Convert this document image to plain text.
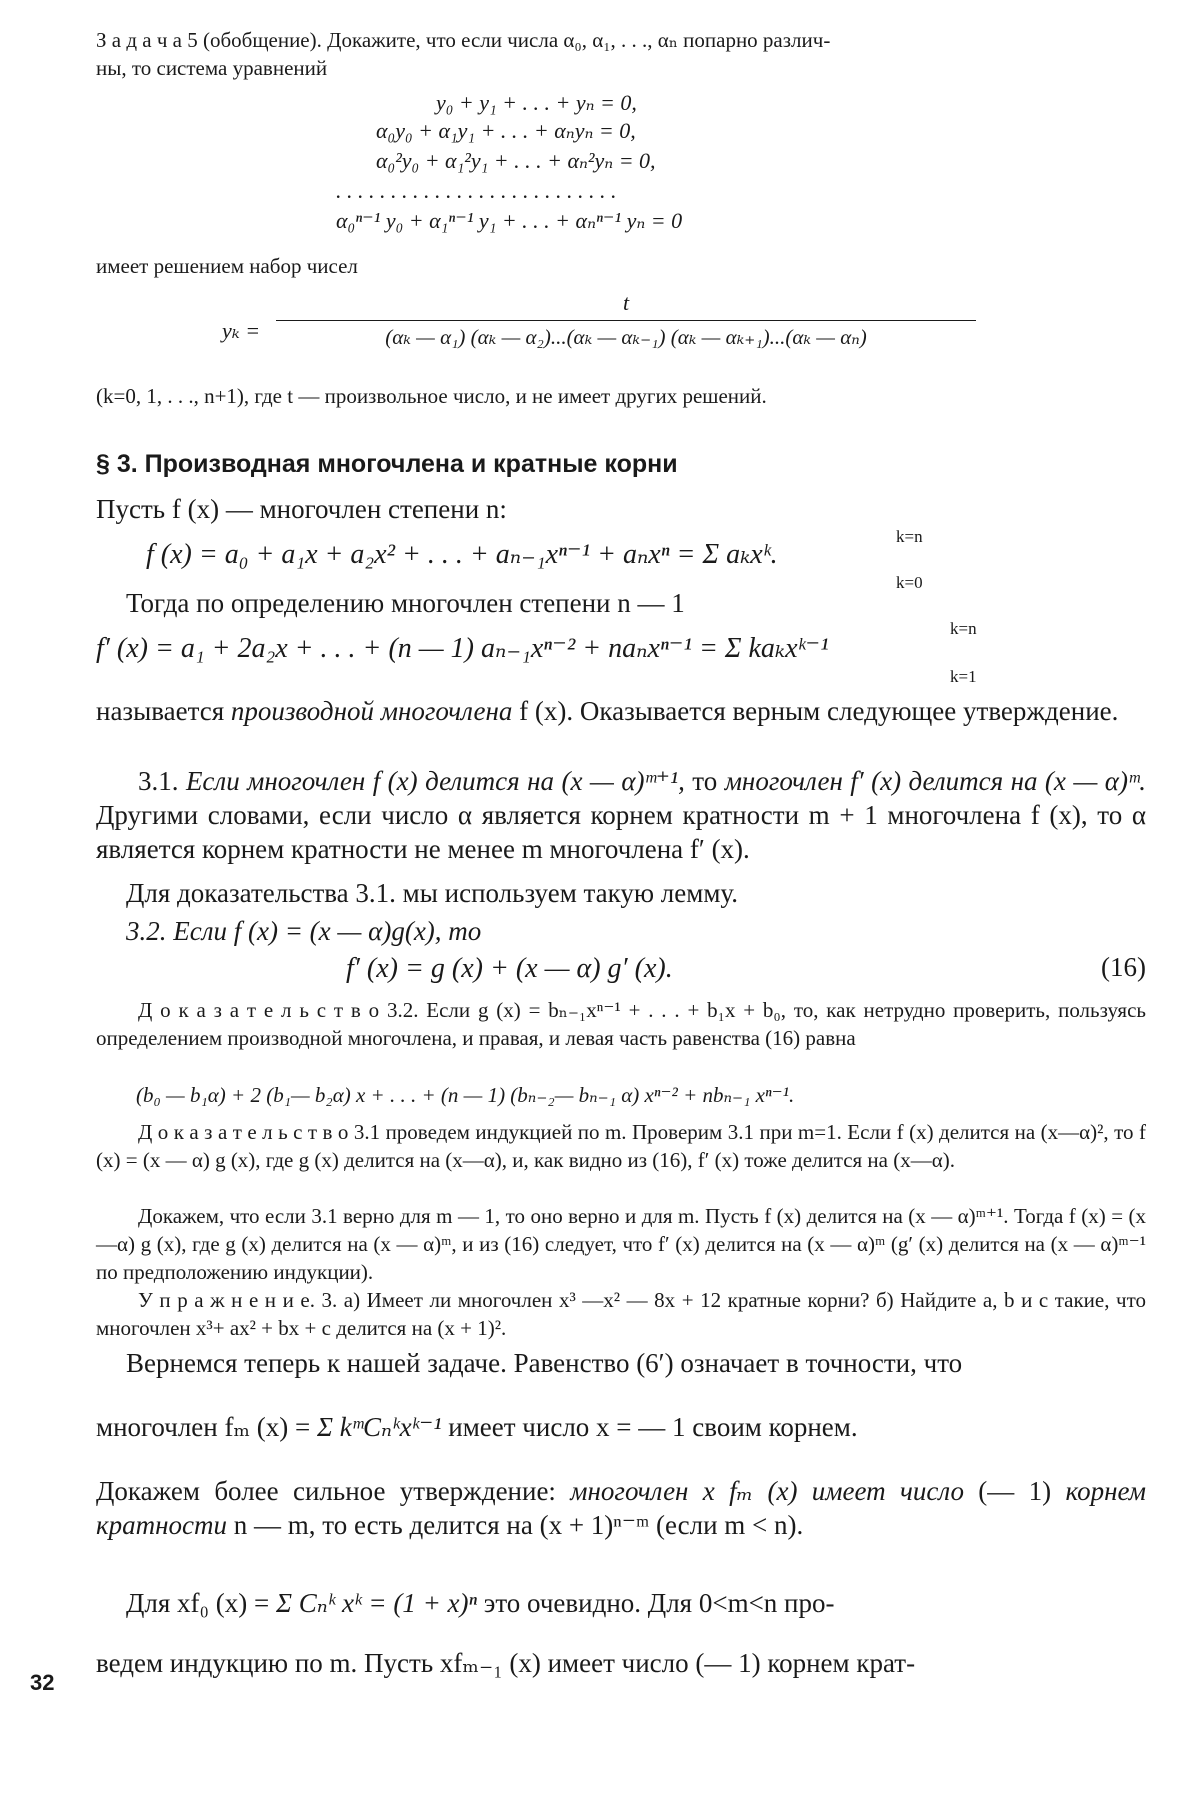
З а д а ч а 5 (обобщение). Докажите, что если числа α₀, α₁, . . ., αₙ попарно различ-

ны, то система уравнений

y₀ + y₁ + . . . + yₙ = 0,
α₀y₀ + α₁y₁ + . . . + αₙyₙ = 0,
α₀²y₀ + α₁²y₁ + . . . + αₙ²yₙ = 0,
. . . . . . . . . . . . . . . . . . . . . . . . . .
α₀ⁿ⁻¹ y₀ + α₁ⁿ⁻¹ y₁ + . . . + αₙⁿ⁻¹ yₙ = 0

имеет решением набор чисел

yₖ =
t
(αₖ — α₁) (αₖ — α₂)...(αₖ — αₖ₋₁) (αₖ — αₖ₊₁)...(αₖ — αₙ)

(k=0, 1, . . ., n+1), где t — произвольное число, и не имеет других решений.

§ 3. Производная многочлена и кратные корни

Пусть f (x) — многочлен степени n:

k=n
f (x) = a₀ + a₁x + a₂x² + . . . + aₙ₋₁xⁿ⁻¹ + aₙxⁿ = Σ aₖxᵏ.
k=0

Тогда по определению многочлен степени n — 1

k=n
f′ (x) = a₁ + 2a₂x + . . . + (n — 1) aₙ₋₁xⁿ⁻² + naₙxⁿ⁻¹ = Σ kaₖxᵏ⁻¹
k=1

называется производной многочлена f (x). Оказывается верным следующее утверждение.

3.1. Если многочлен f (x) делится на (x — α)ᵐ⁺¹, то многочлен f′ (x) делится на (x — α)ᵐ. Другими словами, если число α является корнем кратности m + 1 многочлена f (x), то α является корнем кратности не менее m многочлена f′ (x).

Для доказательства 3.1. мы используем такую лемму.

3.2. Если f (x) = (x — α)g(x), то

f′ (x) = g (x) + (x — α) g′ (x).	(16)

Д о к а з а т е л ь с т в о 3.2. Если g (x) = bₙ₋₁xⁿ⁻¹ + . . . + b₁x + b₀, то, как нетрудно проверить, пользуясь определением производной многочлена, и правая, и левая часть равенства (16) равна

(b₀ — b₁α) + 2 (b₁— b₂α) x + . . . + (n — 1) (bₙ₋₂— bₙ₋₁ α) xⁿ⁻² + nbₙ₋₁ xⁿ⁻¹.

Д о к а з а т е л ь с т в о 3.1 проведем индукцией по m. Проверим 3.1 при m=1. Если f (x) делится на (x—α)², то f (x) = (x — α) g (x), где g (x) делится на (x—α), и, как видно из (16), f′ (x) тоже делится на (x—α).

Докажем, что если 3.1 верно для m — 1, то оно верно и для m. Пусть f (x) делится на (x — α)ᵐ⁺¹. Тогда f (x) = (x—α) g (x), где g (x) делится на (x — α)ᵐ, и из (16) следует, что f′ (x) делится на (x — α)ᵐ (g′ (x) делится на (x — α)ᵐ⁻¹ по предположению индукции).

У п р а ж н е н и е. 3. а) Имеет ли многочлен x³ —x² — 8x + 12 кратные корни? б) Найдите a, b и c такие, что многочлен x³+ ax² + bx + c делится на (x + 1)².

Вернемся теперь к нашей задаче. Равенство (6′) означает в точности, что

многочлен fₘ (x) = Σ kᵐCₙᵏxᵏ⁻¹ имеет число x = — 1 своим корнем.

Докажем более сильное утверждение: многочлен x fₘ (x) имеет число (— 1) корнем кратности n — m, то есть делится на (x + 1)ⁿ⁻ᵐ (если m < n).

Для xf₀ (x) = Σ Cₙᵏ xᵏ = (1 + x)ⁿ это очевидно. Для 0<m<n про-

ведем индукцию по m. Пусть xfₘ₋₁ (x) имеет число (— 1) корнем крат-

32
